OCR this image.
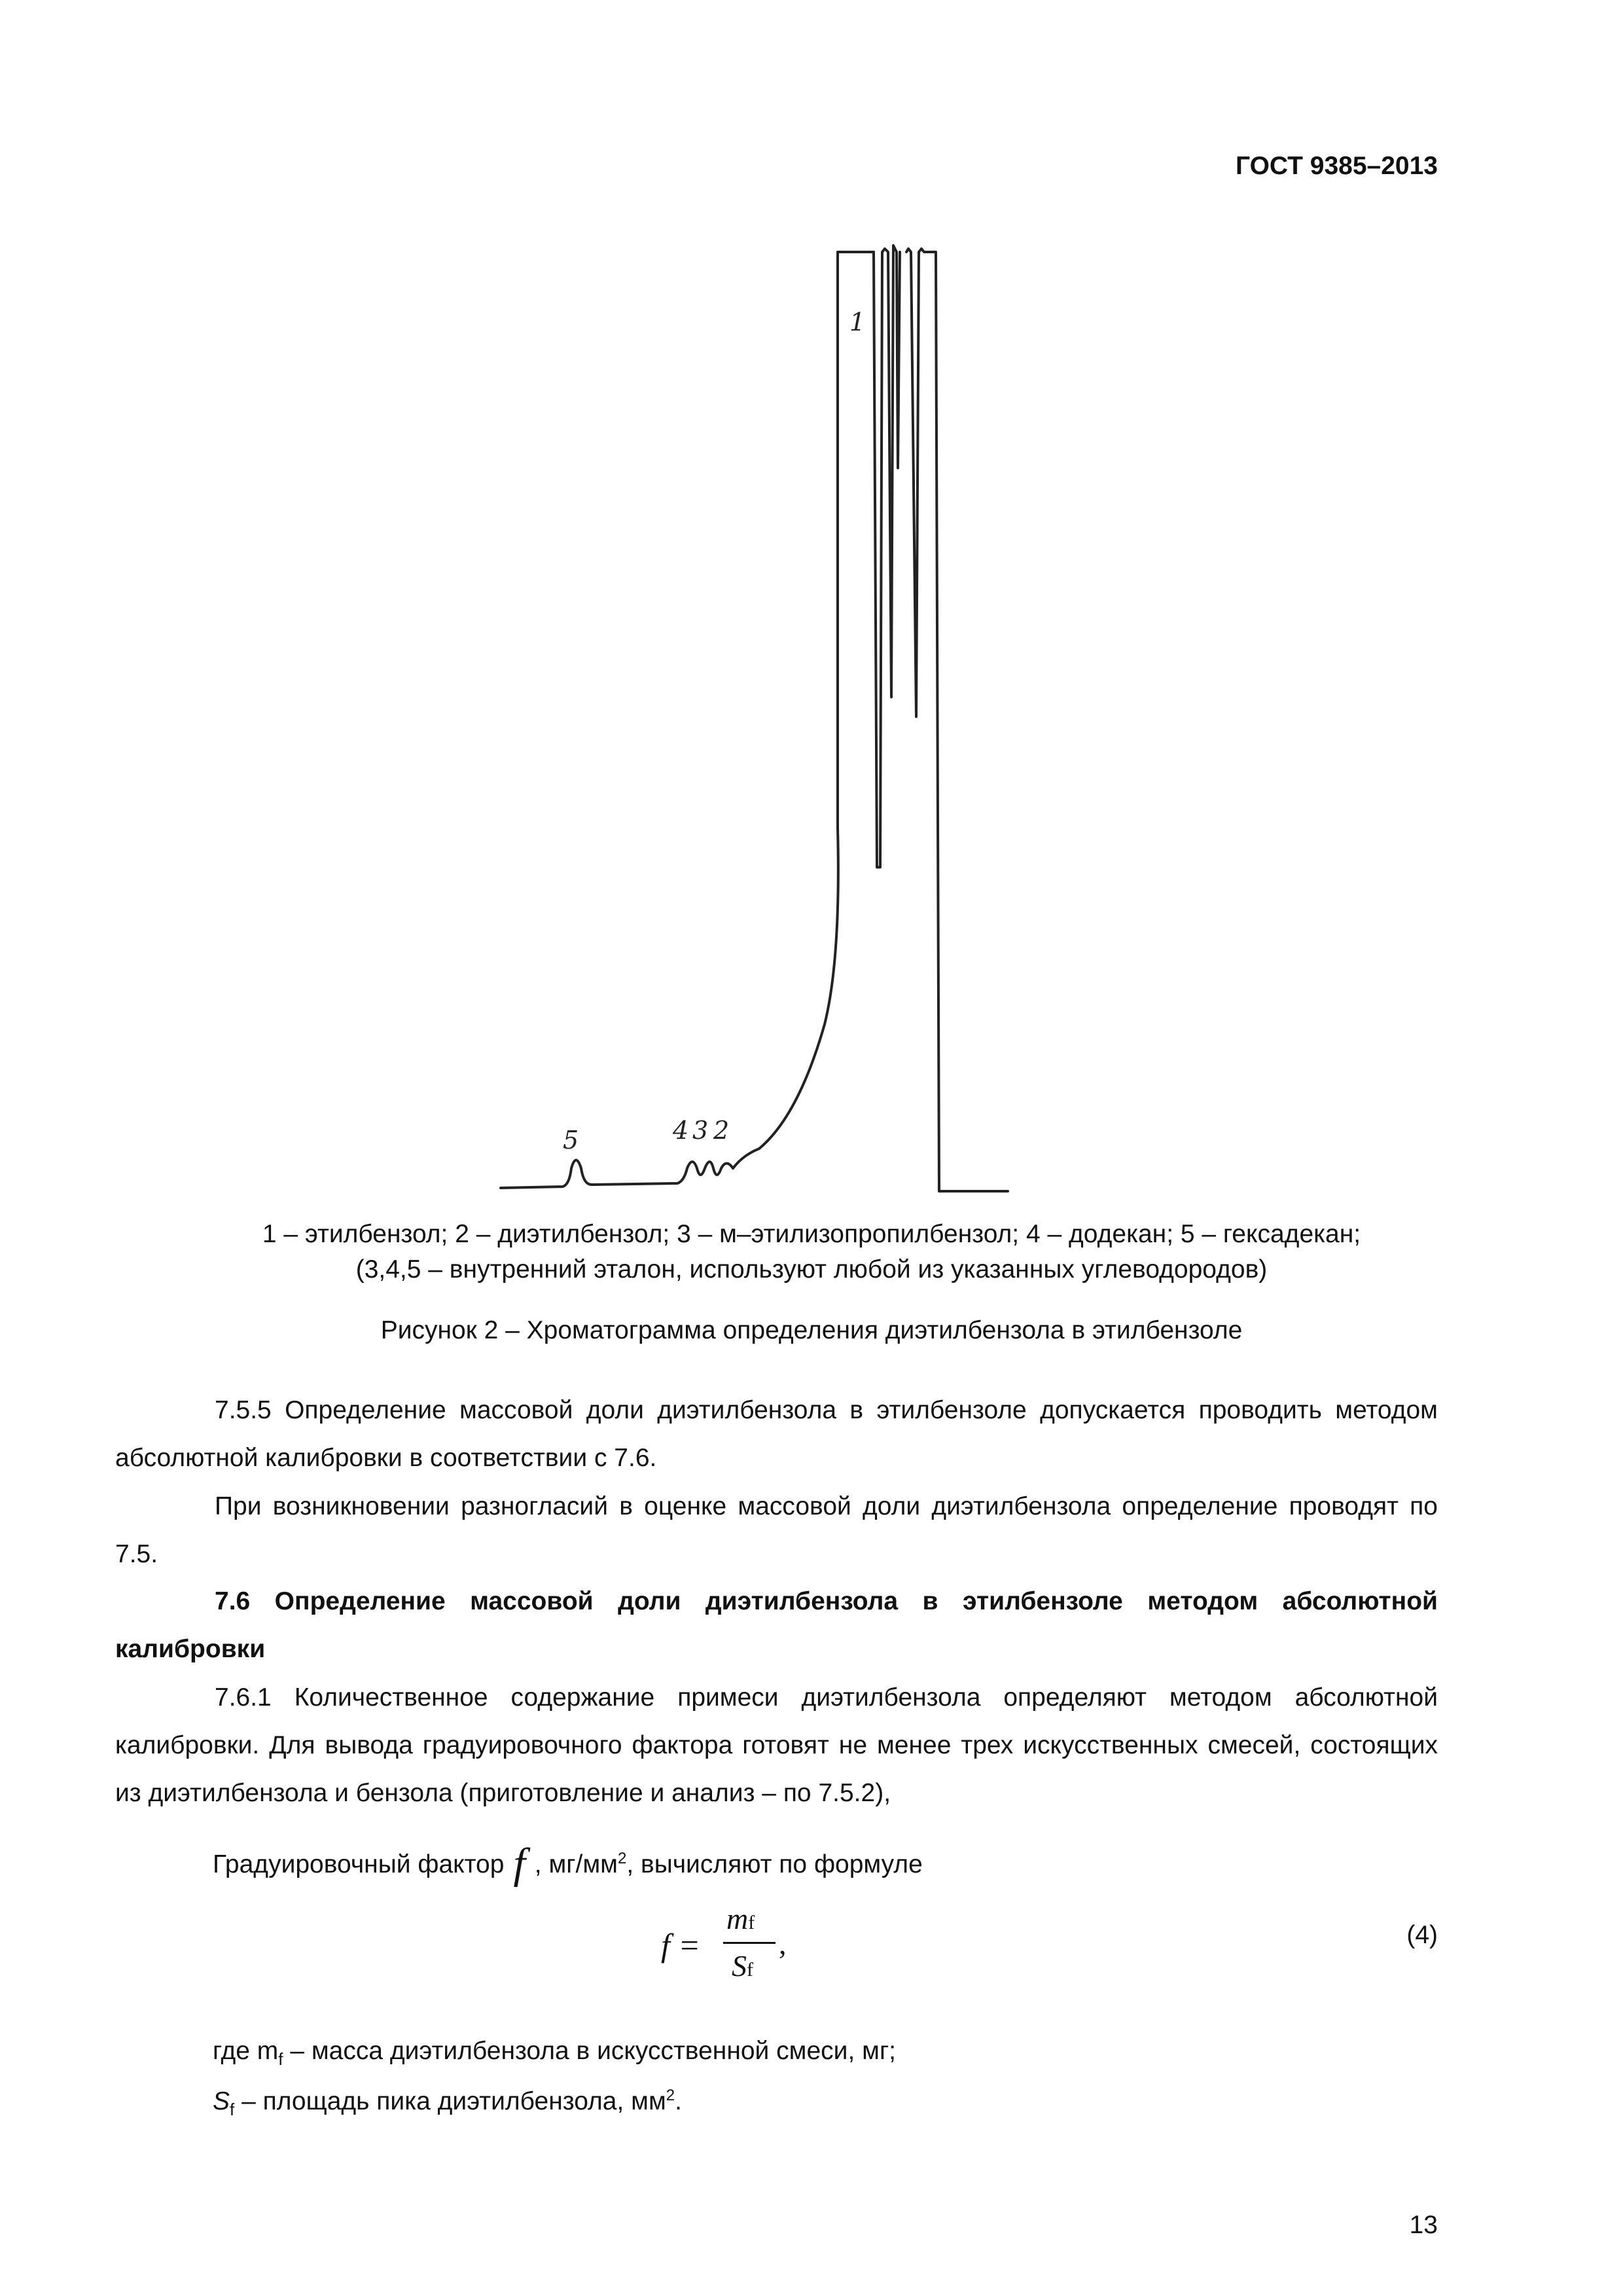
ГОСТ 9385–2013
1
5	4 3 2
1 – этилбензол; 2 – диэтилбензол; 3 – м–этилизопропилбензол; 4 – додекан; 5 – гексадекан;
(3,4,5 – внутренний эталон, используют любой из указанных углеводородов)
Рисунок 2 – Хроматограмма определения диэтилбензола в этилбензоле
7.5.5 Определение массовой доли диэтилбензола в этилбензоле допускается проводить методом абсолютной калибровки в соответствии с 7.6.
При возникновении разногласий в оценке массовой доли диэтилбензола определение проводят по 7.5.
7.6 Определение массовой доли диэтилбензола в этилбензоле методом абсолютной калибровки
7.6.1 Количественное содержание примеси диэтилбензола определяют методом абсолютной калибровки. Для вывода градуировочного фактора готовят не менее трех искусственных смесей, состоящих из диэтилбензола и бензола (приготовление и анализ – по 7.5.2),
Градуировочный фактор f , $мг/мм^2$, вычисляют по формуле
f =
mf
Sf
,	(4)
где $m_f$ – масса диэтилбензола в искусственной смеси, мг;
$S_f$ – площадь пика диэтилбензола, $мм^2$.
13
